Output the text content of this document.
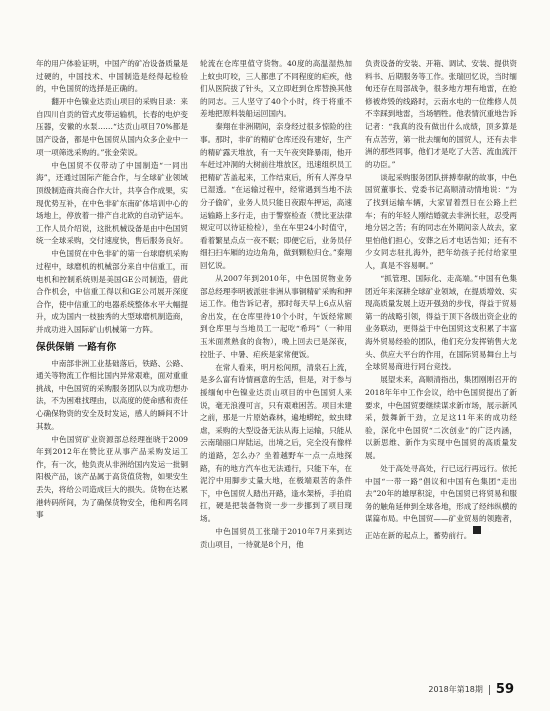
年的用户体验证明，中国产的矿冶设备质量是过硬的，中国技术、中国制造是经得起检验的，中色国贸的选择是正确的。

翻开中色镍业达贡山项目的采购目录：来自四川自贡的管式皮带运输机，长春的电炉变压器，安徽的水泵……“达贡山项目70%都是国产设备，都是中色国贸从国内众多企业中一项一项筛选采购的。”张金荣说。

中色国贸不仅带动了中国制造“一同出海”，还通过国际产能合作，与全球矿业领域顶级制造商共商合作大计，共享合作成果，实现优势互补，在中色非矿东南矿体培训中心的场地上，停放着一排产自北欧的自动铲运车。工作人员介绍说，这批机械设备是由中色国贸统一全球采购，交付速度快，售后服务良好。

中色国贸在中色非矿的第一台球磨机采购过程中，球磨机的机械部分来自中信重工，而电机和控制系统则是美国GE公司制造，借此合作机会，中信重工得以和GE公司展开深度合作，使中信重工的电器系统整体水平大幅提升，成为国内一枝独秀的大型球磨机制造商，并成功进入国际矿山机械第一方阵。

保供保销 一路有你

中南部非洲工业基础落后，铁路、公路、通关等物流工作相比国内异常艰难，面对重重挑战，中色国贸的采购服务团队以为成功想办法，不为困难找理由，以高度的使命感和责任心确保物资的安全及时发运，感人的瞬间不计其数。

中色国贸矿业资源部总经理崔晓于2009年到2012年在赞比亚从事产品采购发运工作，有一次，他负责从非洲给国内发运一批铜阳极产品，该产品属于高货值货物，如果安生丢失，将给公司造成巨大的损失。货物在达累港转码所间，为了确保货物安全，他和两名同事

轮流在仓库里值守货物。40度的高温湿热加上蚊虫叮咬，三人都患了不同程度的疟疾，他们从医院拔了针头，又立即赶到仓库替换其他的同志。三人坚守了40个小时，终于将重不差地把原料装船运回国内。

秦翔在非洲期间，亲身经过很多惊险的往事。那时，非矿的精矿仓库还没有建好，生产的精矿露天堆放，有一天午夜突降暴雨，他开车赶过冲洞的大树前往堆放区，迅速组织员工把精矿苫盖起来，工作结束后，所有人浑身早已湿透。“在运输过程中，经常遇到当地不法分子偷矿，业务人员只能日夜跟车押运，高速运输路上多行走，由于警察检查（赞比亚法律规定可以待证检检），坐在车里24小时值守，看着繁星点点一夜不眠；即便它后，业务员仔细扫扫车厢的边边角角，做到颗粒归仓。”秦翔回忆说。

从2007年到2010年，中色国贸物业务部总经理李明被派驻非洲从事铜精矿采购和押运工作。他告诉记者，那时每天早上6点从宿舍出发，在仓库里待10个小时，午饭经常顾到仓库里与当地员工一起吃“希玛”（一种用玉米面煮熟食的食物），晚上回去已是深夜，拉肚子、中暑、疟疾是家常便饭。

在常人看来，明月松间照，清泉石上流，是多么富有诗情画意的生活，但是，对于参与援缅甸中色镍业达贡山项目的中色国贸人来说，毫无浪漫可言，只有艰难困苦。项目未建之前，那是一片原始森林，遍地蟒蛇，蚊虫肆虐，采购的大型设备无法从海上运输，只能从云南瑞丽口岸陆运，出境之后，完全没有像样的道路，怎么办？坐着越野车一点一点地探路，有的地方汽车也无法通行，只能下车，在泥泞中用脚步丈量大地，在极端艰苦的条件下，中色国贸人踏出开路，逢水架桥，手拍肩扛，硬是把装备物资一步一步挪到了项目现场。

中色国贸员工张瑞于2010年7月来到达贡山项目，一待就是8个月，他

负责设备的安装、开箱、调试、安装、提供资料书、后期服务等工作。张瑞回忆说，当时缅甸还存在局部战争，很多地方埋有地雷，在抢修被炸毁的线路时，云南水电的一位维修人员不幸踩到地雷，当场牺牲。他表情沉重地告诉记者：“我真的没有做出什么成绩，顶多算是有点苦劳，第一批去缅甸的国贸人，还有去非洲的那些同事，他们才是吃了大苦、流血流汗的功臣。”

谈起采购服务团队拼搏奉献的故事，中色国贸董事长、党委书记高顺清动情地说：“为了找到运输车辆，大家冒着烈日在公路上拦车；有的年轻人刚结婚就去非洲长驻，忍受两地分居之苦；有的同志在外期间亲人故去，家里怕他们担心，安葬之后才电话告知；还有不少女同志驻扎海外，把年幼孩子托付给家里人，真是不容易啊。”

“抓管理、国际化、走高端。”中国有色集团近年来深耕全球矿业领域，在提质增效、实现高质量发展上迈开强劲的步伐，得益于贸易第一的战略引领，得益于顶下各级出资企业的业务联动，更得益于中色国贸这支积累了丰富海外贸易经验的团队，他们充分发挥销售大龙头、供应大平台的作用，在国际贸易舞台上与全球贸易商进行同台竞技。

展望未来，高顺清指出，集团刚刚召开的2018年年中工作会议，给中色国贸提出了新要求，中色国贸要继续谋求新市场，展示新风采，鼓舞新干劲，立足这11年来的成功经验，深化中色国贸“二次创业”的广泛内涵，以新思维、新作为实现中色国贸的高质量发展。

处于高处寻高处，行已远行再远行。依托中国“一带一路”倡议和中国有色集团“走出去”20年的雄厚积淀，中色国贸已将贸易和服务的触角延伸到全球各地，形成了经纬纵横的谋篇布局。中色国贸——矿业贸易的领跑者，正站在新的起点上，蓄势前行。EN

2018年第18期 59
